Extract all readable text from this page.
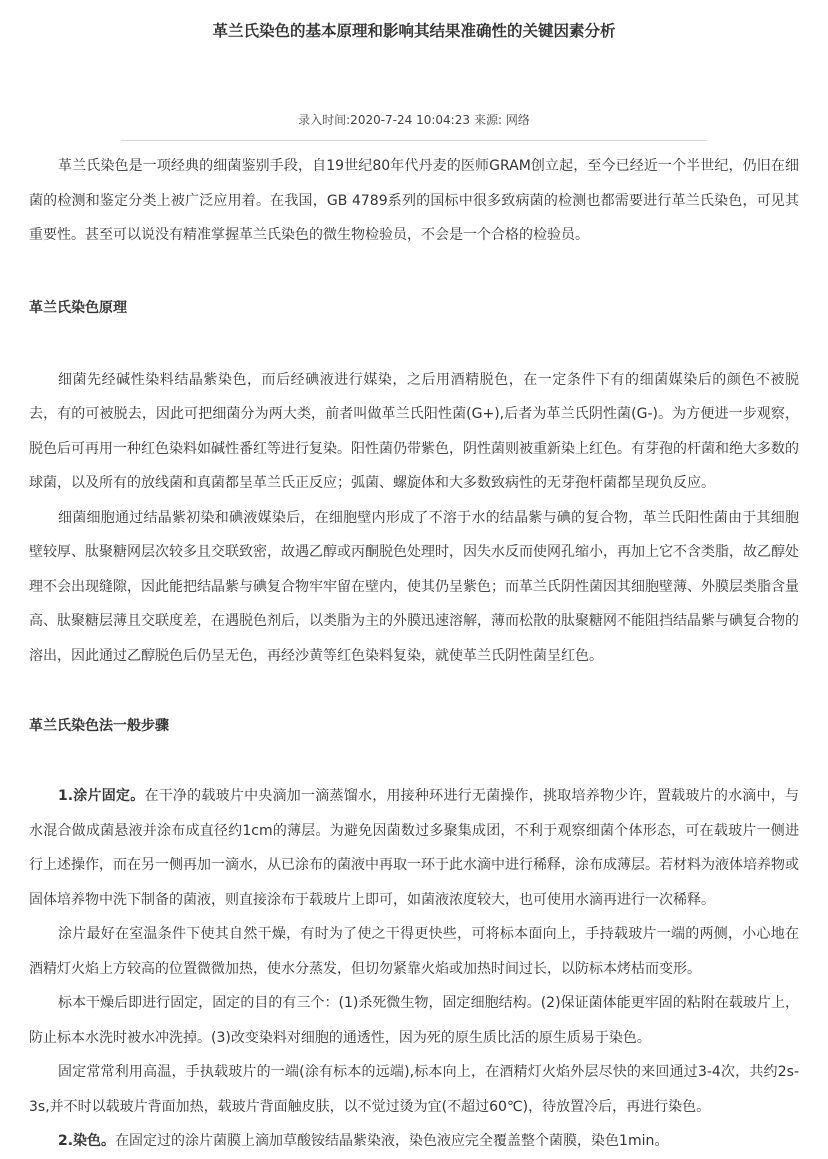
革兰氏染色的基本原理和影响其结果准确性的关键因素分析
录入时间:2020-7-24 10:04:23 来源: 网络

革兰氏染色是一项经典的细菌鉴别手段，自19世纪80年代丹麦的医师GRAM创立起，至今已经近一个半世纪，仍旧在细菌的检测和鉴定分类上被广泛应用着。在我国，GB 4789系列的国标中很多致病菌的检测也都需要进行革兰氏染色，可见其重要性。甚至可以说没有精准掌握革兰氏染色的微生物检验员，不会是一个合格的检验员。

革兰氏染色原理

细菌先经碱性染料结晶紫染色，而后经碘液进行媒染，之后用酒精脱色，在一定条件下有的细菌媒染后的颜色不被脱去，有的可被脱去，因此可把细菌分为两大类，前者叫做革兰氏阳性菌(G+),后者为革兰氏阴性菌(G-)。为方便进一步观察，脱色后可再用一种红色染料如碱性番红等进行复染。阳性菌仍带紫色，阴性菌则被重新染上红色。有芽孢的杆菌和绝大多数的球菌，以及所有的放线菌和真菌都呈革兰氏正反应；弧菌、螺旋体和大多数致病性的无芽孢杆菌都呈现负反应。

细菌细胞通过结晶紫初染和碘液媒染后，在细胞壁内形成了不溶于水的结晶紫与碘的复合物，革兰氏阳性菌由于其细胞壁较厚、肽聚糖网层次较多且交联致密，故遇乙醇或丙酮脱色处理时，因失水反而使网孔缩小，再加上它不含类脂，故乙醇处理不会出现缝隙，因此能把结晶紫与碘复合物牢牢留在壁内，使其仍呈紫色；而革兰氏阴性菌因其细胞壁薄、外膜层类脂含量高、肽聚糖层薄且交联度差，在遇脱色剂后，以类脂为主的外膜迅速溶解，薄而松散的肽聚糖网不能阻挡结晶紫与碘复合物的溶出，因此通过乙醇脱色后仍呈无色，再经沙黄等红色染料复染，就使革兰氏阴性菌呈红色。

革兰氏染色法一般步骤

1.涂片固定。在干净的载玻片中央滴加一滴蒸馏水，用接种环进行无菌操作，挑取培养物少许，置载玻片的水滴中，与水混合做成菌悬液并涂布成直径约1cm的薄层。为避免因菌数过多聚集成团，不利于观察细菌个体形态，可在载玻片一侧进行上述操作，而在另一侧再加一滴水，从已涂布的菌液中再取一环于此水滴中进行稀释，涂布成薄层。若材料为液体培养物或固体培养物中洗下制备的菌液，则直接涂布于载玻片上即可，如菌液浓度较大，也可使用水滴再进行一次稀释。

涂片最好在室温条件下使其自然干燥，有时为了使之干得更快些，可将标本面向上，手持载玻片一端的两侧，小心地在酒精灯火焰上方较高的位置微微加热，使水分蒸发，但切勿紧靠火焰或加热时间过长，以防标本烤枯而变形。

标本干燥后即进行固定，固定的目的有三个：(1)杀死微生物，固定细胞结构。(2)保证菌体能更牢固的粘附在载玻片上，防止标本水洗时被水冲洗掉。(3)改变染料对细胞的通透性，因为死的原生质比活的原生质易于染色。

固定常常利用高温，手执载玻片的一端(涂有标本的远端),标本向上，在酒精灯火焰外层尽快的来回通过3-4次，共约2s-3s,并不时以载玻片背面加热，载玻片背面触皮肤，以不觉过烫为宜(不超过60℃)，待放置冷后，再进行染色。

2.染色。在固定过的涂片菌膜上滴加草酸铵结晶紫染液，染色液应完全覆盖整个菌膜，染色1min。
